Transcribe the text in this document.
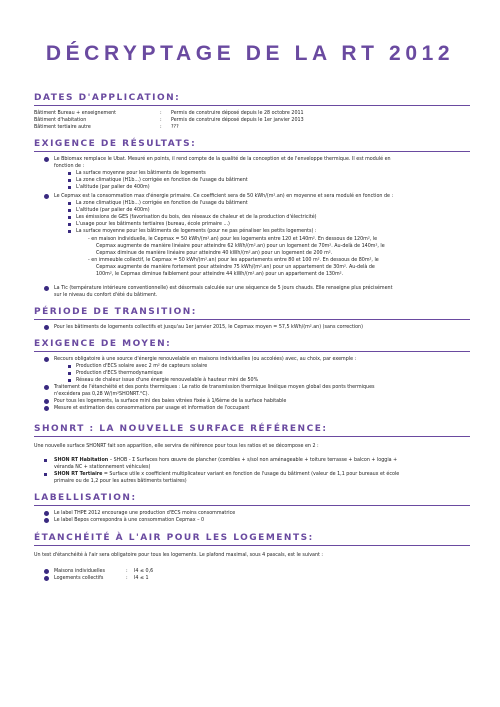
DÉCRYPTAGE DE LA RT 2012
DATES D'APPLICATION:
Bâtiment Bureau + enseignement	: Permis de construire déposé depuis le 28 octobre 2011
Bâtiment d'habitation	: Permis de construire déposé depuis le 1er janvier 2013
Bâtiment tertiaire autre	: ???
EXIGENCE DE RÉSULTATS:
Le Bbiomax remplace le Ubat. Mesuré en points, il rend compte de la qualité de la conception et de l'enveloppe thermique. Il est modulé en
fonction de :
La surface moyenne pour les bâtiments de logements
La zone climatique (H1b...) corrigée en fonction de l'usage du bâtiment
L'altitude (par palier de 400m)
Le Cepmax est la consommation max d'énergie primaire. Ce coefficient sera de 50 kWh/(m².an) en moyenne et sera modulé en fonction de :
La zone climatique (H1b...) corrigée en fonction de l'usage du bâtiment
L'altitude (par palier de 400m)
Les émissions de GES (favorisation du bois, des réseaux de chaleur et de la production d'électricité)
L'usage pour les bâtiments tertiaires (bureau, école primaire ...)
La surface moyenne pour les bâtiments de logements (pour ne pas pénaliser les petits logements) :
- en maison individuelle, le Cepmax = 50 kWh/(m².an) pour les logements entre 120 et 140m². En dessous de 120m², le
Cepmax augmente de manière linéaire pour atteindre 62 kWh/(m².an) pour un logement de 70m². Au-delà de 140m², le
Cepmax diminue de manière linéaire pour atteindre 40 kWh/(m².an) pour un logement de 200 m².
- en immeuble collectif, le Cepmax = 50 kWh/(m².an) pour les appartements entre 80 et 100 m². En dessous de 80m², le
Cepmax augmente de manière fortement pour atteindre 75 kWh/(m².an) pour un appartement de 30m². Au-delà de
100m², le Cepmax diminue faiblement pour atteindre 44 kWh/(m².an) pour un appartement de 130m².
La Tic (température intérieure conventionnelle) est désormais calculée sur une séquence de 5 jours chauds. Elle renseigne plus précisément
sur le niveau du confort d'été du bâtiment.
PÉRIODE DE TRANSITION:
Pour les bâtiments de logements collectifs et jusqu'au 1er janvier 2015, le Cepmax moyen = 57,5 kWh/(m².an) (sans correction)
EXIGENCE DE MOYEN:
Recours obligatoire à une source d'énergie renouvelable en maisons individuelles (ou accolées) avec, au choix, par exemple :
Production d'ECS solaire avec 2 m² de capteurs solaire
Production d'ECS thermodynamique
Réseau de chaleur issue d'une énergie renouvelable à hauteur mini de 50%
Traitement de l'étanchéité et des ponts thermiques : Le ratio de transmission thermique linéique moyen global des ponts thermiques
n'excédera pas 0,28 W/(m²SHONRT.°C).
Pour tous les logements, la surface mini des baies vitrées fixée à 1/6ème de la surface habitable
Mesure et estimation des consommations par usage et information de l'occupant
SHONRT : LA NOUVELLE SURFACE RÉFÉRENCE:
Une nouvelle surface SHONRT fait son apparition, elle servira de référence pour tous les ratios et se décompose en 2 :
SHON RT Habitation – SHOB - Σ Surfaces hors œuvre de plancher (combles + s/sol non aménageable + toiture terrasse + balcon + loggia +
véranda NC + stationnement véhicules)
SHON RT Tertiaire = Surface utile x coefficient multiplicateur variant en fonction de l'usage du bâtiment (valeur de 1,1 pour bureaux et école
primaire ou de 1,2 pour les autres bâtiments tertiaires)
LABELLISATION:
Le label THPE 2012 encourage une production d'ECS moins consommatrice
Le label Bepos correspondra à une consommation Cepmax – 0
ÉTANCHÉITÉ À L'AIR POUR LES LOGEMENTS:
Un test d'étanchéité à l'air sera obligatoire pour tous les logements. Le plafond maximal, sous 4 pascals, est le suivant :
Maisons individuelles	: I4 ≤ 0,6
Logements collectifs	: I4 ≤ 1
